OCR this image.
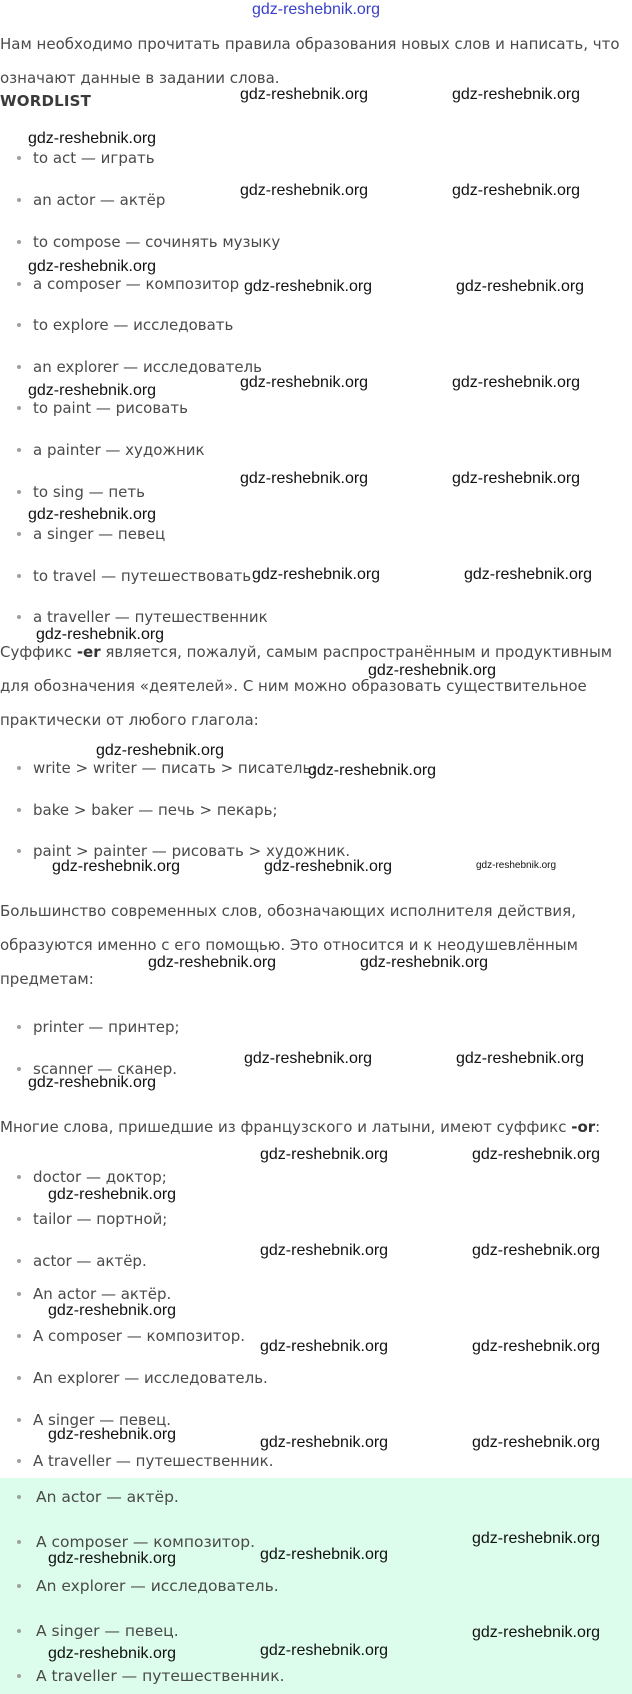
gdz-reshebnik.org

Нам необходимо прочитать правила образования новых слов и написать, что
означают данные в задании слова.

WORDLIST
to act — играть
an actor — актёр
to compose — сочинять музыку
a composer — композитор
to explore — исследовать
an explorer — исследователь
to paint — рисовать
a painter — художник
to sing — петь
a singer — певец
to travel — путешествовать
a traveller — путешественник

Суффикс -er является, пожалуй, самым распространённым и продуктивным
для обозначения «деятелей». С ним можно образовать существительное
практически от любого глагола:

write > writer — писать > писатель;
bake > baker — печь > пекарь;
paint > painter — рисовать > художник.

Большинство современных слов, обозначающих исполнителя действия,
образуются именно с его помощью. Это относится и к неодушевлённым
предметам:

printer — принтер;
scanner — сканер.

Многие слова, пришедшие из французского и латыни, имеют суффикс -or:

doctor — доктор;
tailor — портной;
actor — актёр.
An actor — актёр.
A composer — композитор.
An explorer — исследователь.
A singer — певец.
A traveller — путешественник.
An actor — актёр.
A composer — композитор.
An explorer — исследователь.
A singer — певец.
A traveller — путешественник.
gdz-reshebnik.org	gdz-reshebnik.org
gdz-reshebnik.org
gdz-reshebnik.org	gdz-reshebnik.org
gdz-reshebnik.org
gdz-reshebnik.org	gdz-reshebnik.org
gdz-reshebnik.org	gdz-reshebnik.org
gdz-reshebnik.org
gdz-reshebnik.org	gdz-reshebnik.org
gdz-reshebnik.org
gdz-reshebnik.org	gdz-reshebnik.org
gdz-reshebnik.org
gdz-reshebnik.org
gdz-reshebnik.org
gdz-reshebnik.org
gdz-reshebnik.org	gdz-reshebnik.org	gdz-reshebnik.org
gdz-reshebnik.org	gdz-reshebnik.org
gdz-reshebnik.org	gdz-reshebnik.org
gdz-reshebnik.org
gdz-reshebnik.org	gdz-reshebnik.org
gdz-reshebnik.org
gdz-reshebnik.org	gdz-reshebnik.org
gdz-reshebnik.org
gdz-reshebnik.org	gdz-reshebnik.org
gdz-reshebnik.org	gdz-reshebnik.org	gdz-reshebnik.org
gdz-reshebnik.org
gdz-reshebnik.org	gdz-reshebnik.org
gdz-reshebnik.org
gdz-reshebnik.org	gdz-reshebnik.org
